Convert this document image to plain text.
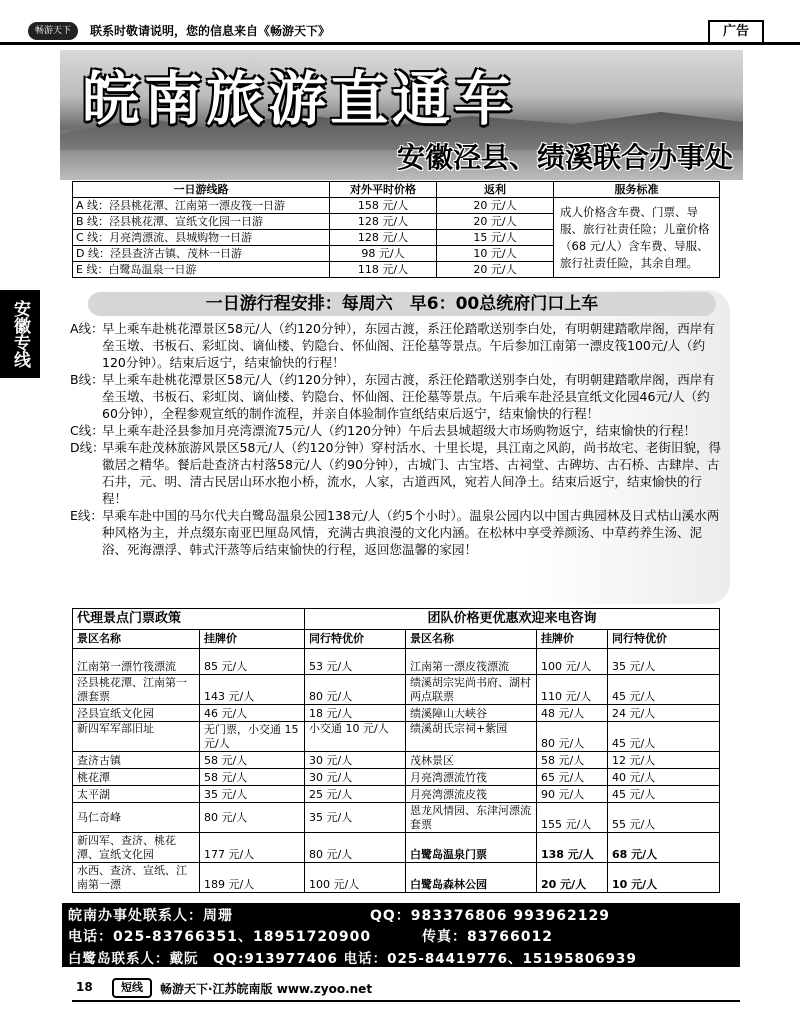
畅游天下	联系时敬请说明，您的信息来自《畅游天下》	广告
皖南旅游直通车
安徽泾县、绩溪联合办事处
一日游线路	对外平时价格	返利	服务标准
A 线：泾县桃花潭、江南第一漂皮筏一日游	158 元/人	20 元/人	成人价格含车费、门票、导服、旅行社责任险；儿童价格（68 元/人）含车费、导服、旅行社责任险，其余自理。
B 线：泾县桃花潭、宣纸文化园一日游	128 元/人	20 元/人	
C 线：月亮湾漂流、县城购物一日游	128 元/人	15 元/人	
D 线：泾县查济古镇、茂林一日游	98 元/人	10 元/人	
E 线：白鹭岛温泉一日游	118 元/人	20 元/人	
安徽专线	一日游行程安排：每周六　早6：00总统府门口上车
A线：
早上乘车赴桃花潭景区58元/人（约120分钟），东园古渡，系汪伦踏歌送别李白处，有明朝建踏歌岸阁，西岸有垒玉墩、书板石、彩虹岗、谪仙楼、钓隐台、怀仙阁、汪伦墓等景点。午后参加江南第一漂皮筏100元/人（约120分钟）。结束后返宁，结束愉快的行程！
B线：
早上乘车赴桃花潭景区58元/人（约120分钟），东园古渡，系汪伦踏歌送别李白处，有明朝建踏歌岸阁，西岸有垒玉墩、书板石、彩虹岗、谪仙楼、钓隐台、怀仙阁、汪伦墓等景点。午后乘车赴泾县宣纸文化园46元/人（约60分钟），全程参观宣纸的制作流程，并亲自体验制作宣纸结束后返宁，结束愉快的行程！
C线：
早上乘车赴泾县参加月亮湾漂流75元/人（约120分钟）午后去县城超级大市场购物返宁，结束愉快的行程！
D线：
早乘车赴茂林旅游风景区58元/人（约120分钟）穿村活水、十里长堤，具江南之风韵，尚书故宅、老街旧貌，得徽居之精华。餐后赴查济古村落58元/人（约90分钟），古城门、古宝塔、古祠堂、古碑坊、古石桥、古肆岸、古石井，元、明、清古民居山环水抱小桥，流水，人家，古道西风，宛若人间净土。结束后返宁，结束愉快的行程！
E线： 早乘车赴中国的马尔代夫白鹭岛温泉公园138元/人（约5个小时）。温泉公园内以中国古典园林及日式枯山溪水两种风格为主，并点缀东南亚巴厘岛风情，充满古典浪漫的文化内涵。在松林中享受养颜汤、中草药养生汤、泥浴、死海漂浮、韩式汗蒸等后结束愉快的行程，返回您温馨的家园！
代理景点门票政策		团队价格更优惠欢迎来电咨询			
景区名称	挂牌价	同行特优价	景区名称	挂牌价	同行特优价
江南第一漂竹筏漂流	85 元/人	53 元/人	江南第一漂皮筏漂流	100 元/人	35 元/人
泾县桃花潭、江南第一漂套票	143 元/人	80 元/人	绩溪胡宗宪尚书府、湖村两点联票	110 元/人	45 元/人
泾县宣纸文化园	46 元/人	18 元/人	绩溪障山大峡谷	48 元/人	24 元/人
新四军军部旧址	无门票，小交通 15 元/人	小交通 10 元/人	绩溪胡氏宗祠+紫园	80 元/人	45 元/人
查济古镇	58 元/人	30 元/人	茂林景区	58 元/人	12 元/人
桃花潭	58 元/人	30 元/人	月亮湾漂流竹筏	65 元/人	40 元/人
太平湖	35 元/人	25 元/人	月亮湾漂流皮筏	90 元/人	45 元/人
马仁奇峰	80 元/人	35 元/人	恩龙风情园、东津河漂流套票	155 元/人	55 元/人
新四军、查济、桃花潭、宣纸文化园	177 元/人	80 元/人	白鹭岛温泉门票	138 元/人	68 元/人
水西、查济、宣纸、江南第一漂	189 元/人	100 元/人	白鹭岛森林公园	20 元/人	10 元/人
皖南办事处联系人：周珊	QQ：983376806 993962129
电话：025-83766351、18951720900	传真：83766012
白鹭岛联系人：戴阮　QQ:913977406 电话：025-84419776、15195806939
18	短线	畅游天下·江苏皖南版 www.zyoo.net
